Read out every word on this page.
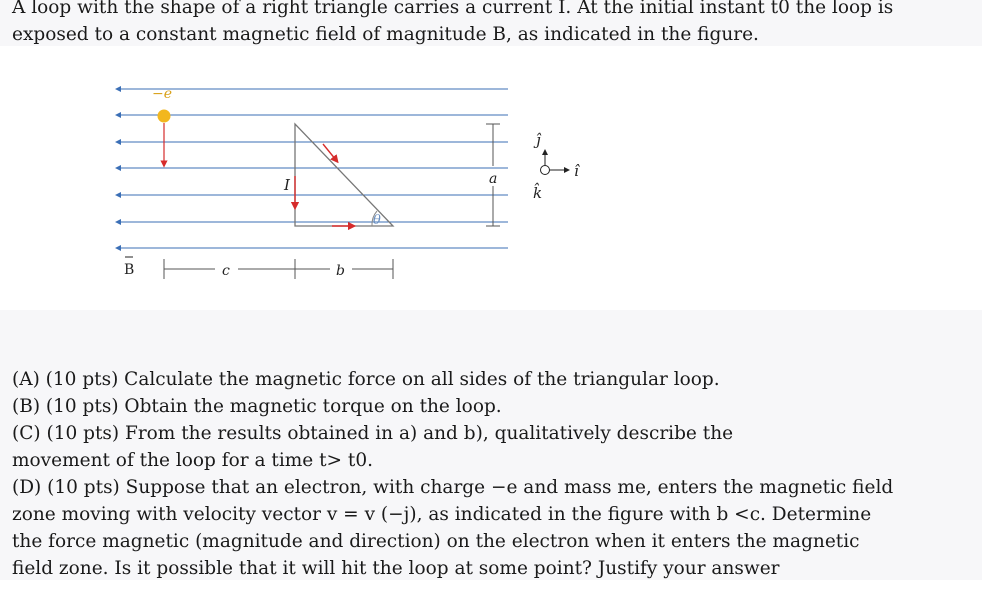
A loop with the shape of a right triangle carries a current I. At the initial instant t0 the loop is exposed to a constant magnetic field of magnitude B, as indicated in the figure.
−e
I
θ
a
c	b
B
ĵ
î
k̂

(A) (10 pts) Calculate the magnetic force on all sides of the triangular loop.

(B) (10 pts) Obtain the magnetic torque on the loop.

(C) (10 pts) From the results obtained in a) and b), qualitatively describe the movement of the loop for a time t> t0.

(D) (10 pts) Suppose that an electron, with charge −e and mass me, enters the magnetic field zone moving with velocity vector v = v (−j), as indicated in the figure with b <c. Determine the force magnetic (magnitude and direction) on the electron when it enters the magnetic field zone. Is it possible that it will hit the loop at some point? Justify your answer
